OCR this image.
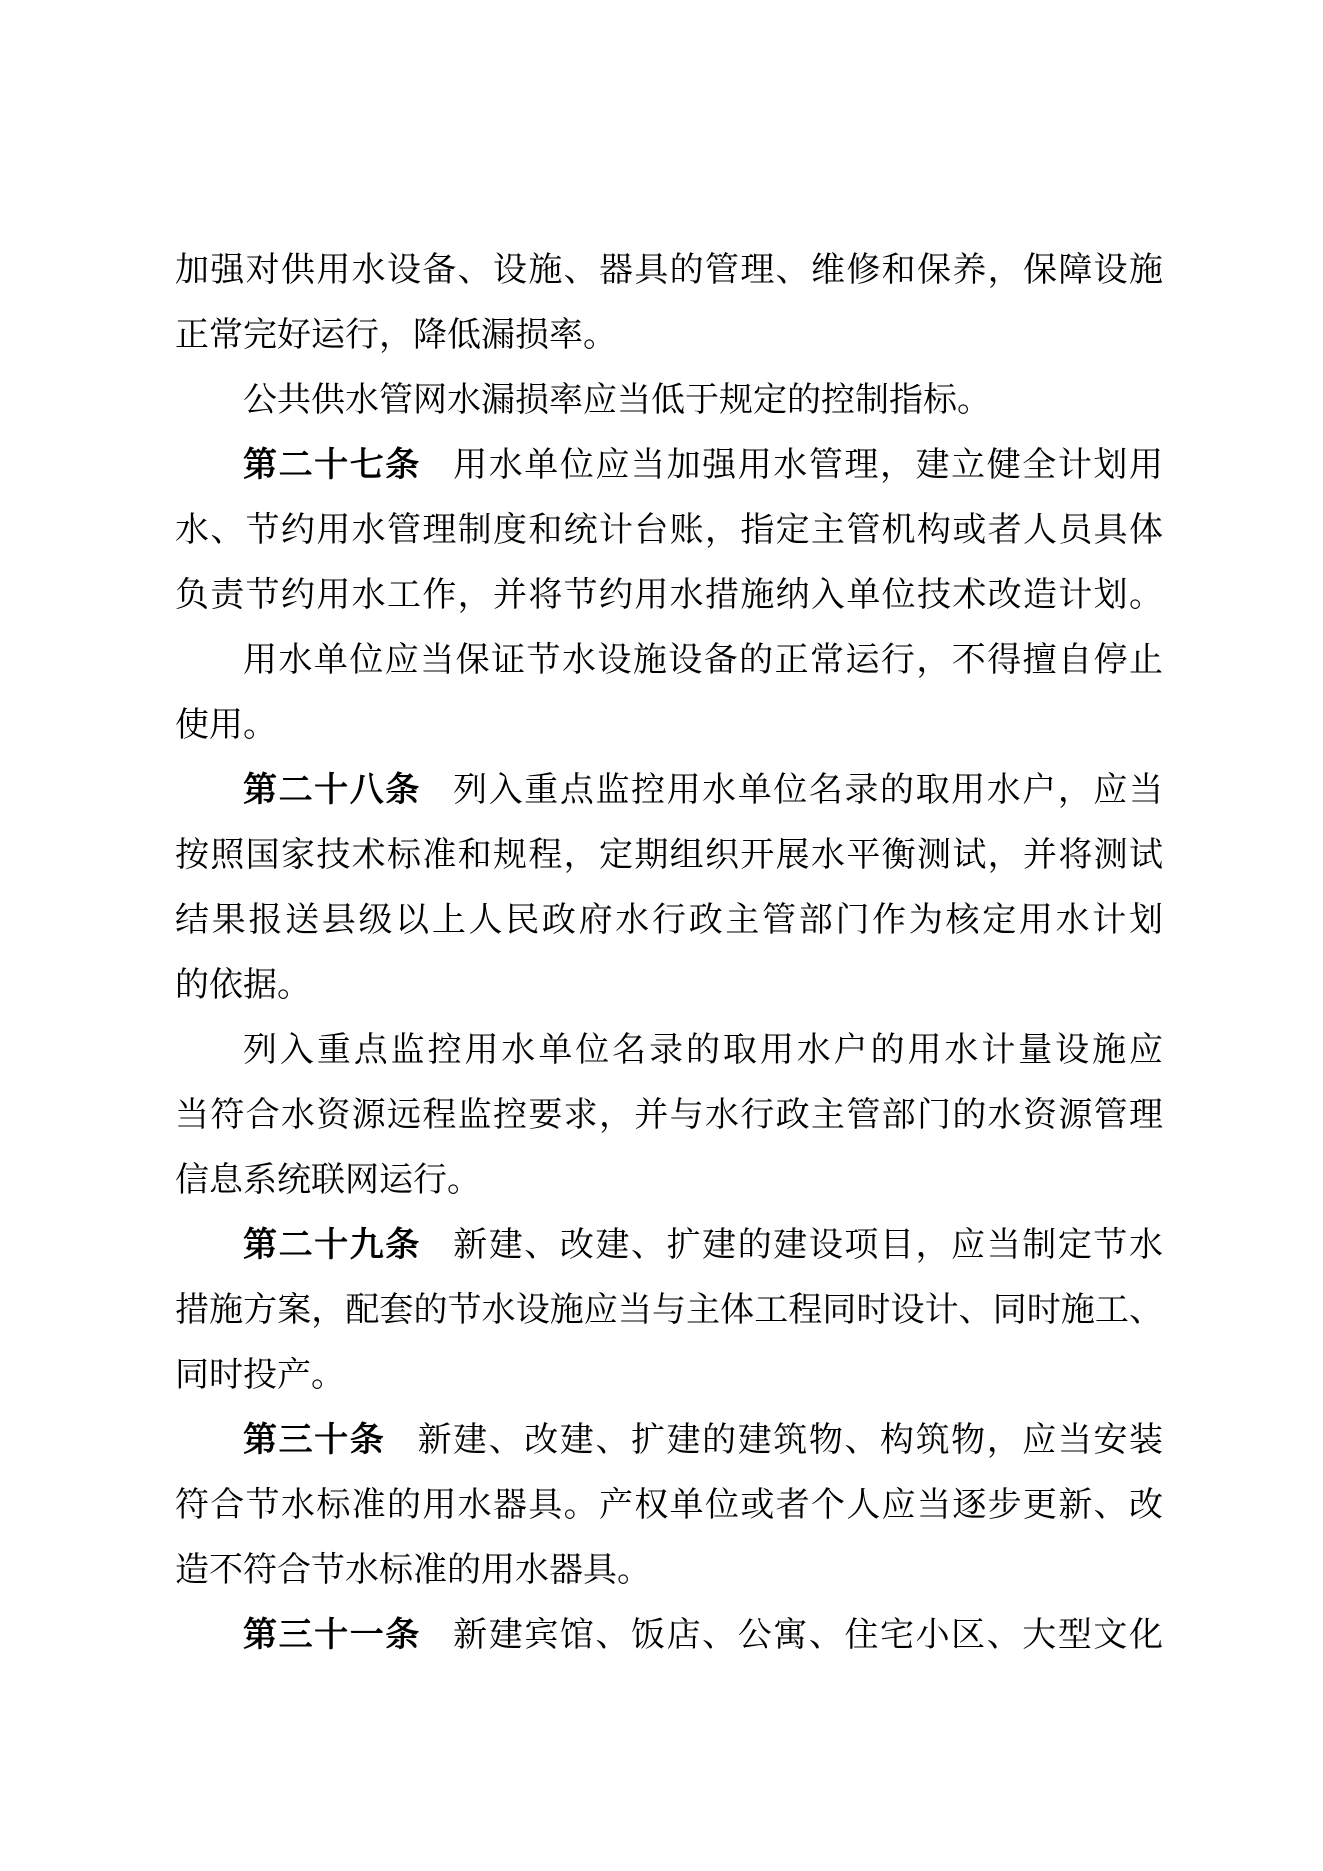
加强对供用水设备、设施、器具的管理、维修和保养，保障设施
正常完好运行，降低漏损率。
公共供水管网水漏损率应当低于规定的控制指标。
第二十七条 用水单位应当加强用水管理，建立健全计划用
水、节约用水管理制度和统计台账，指定主管机构或者人员具体
负责节约用水工作，并将节约用水措施纳入单位技术改造计划。
用水单位应当保证节水设施设备的正常运行，不得擅自停止
使用。
第二十八条 列入重点监控用水单位名录的取用水户，应当
按照国家技术标准和规程，定期组织开展水平衡测试，并将测试
结果报送县级以上人民政府水行政主管部门作为核定用水计划
的依据。
列入重点监控用水单位名录的取用水户的用水计量设施应
当符合水资源远程监控要求，并与水行政主管部门的水资源管理
信息系统联网运行。
第二十九条 新建、改建、扩建的建设项目，应当制定节水
措施方案，配套的节水设施应当与主体工程同时设计、同时施工、
同时投产。
第三十条 新建、改建、扩建的建筑物、构筑物，应当安装
符合节水标准的用水器具。产权单位或者个人应当逐步更新、改
造不符合节水标准的用水器具。
第三十一条 新建宾馆、饭店、公寓、住宅小区、大型文化
